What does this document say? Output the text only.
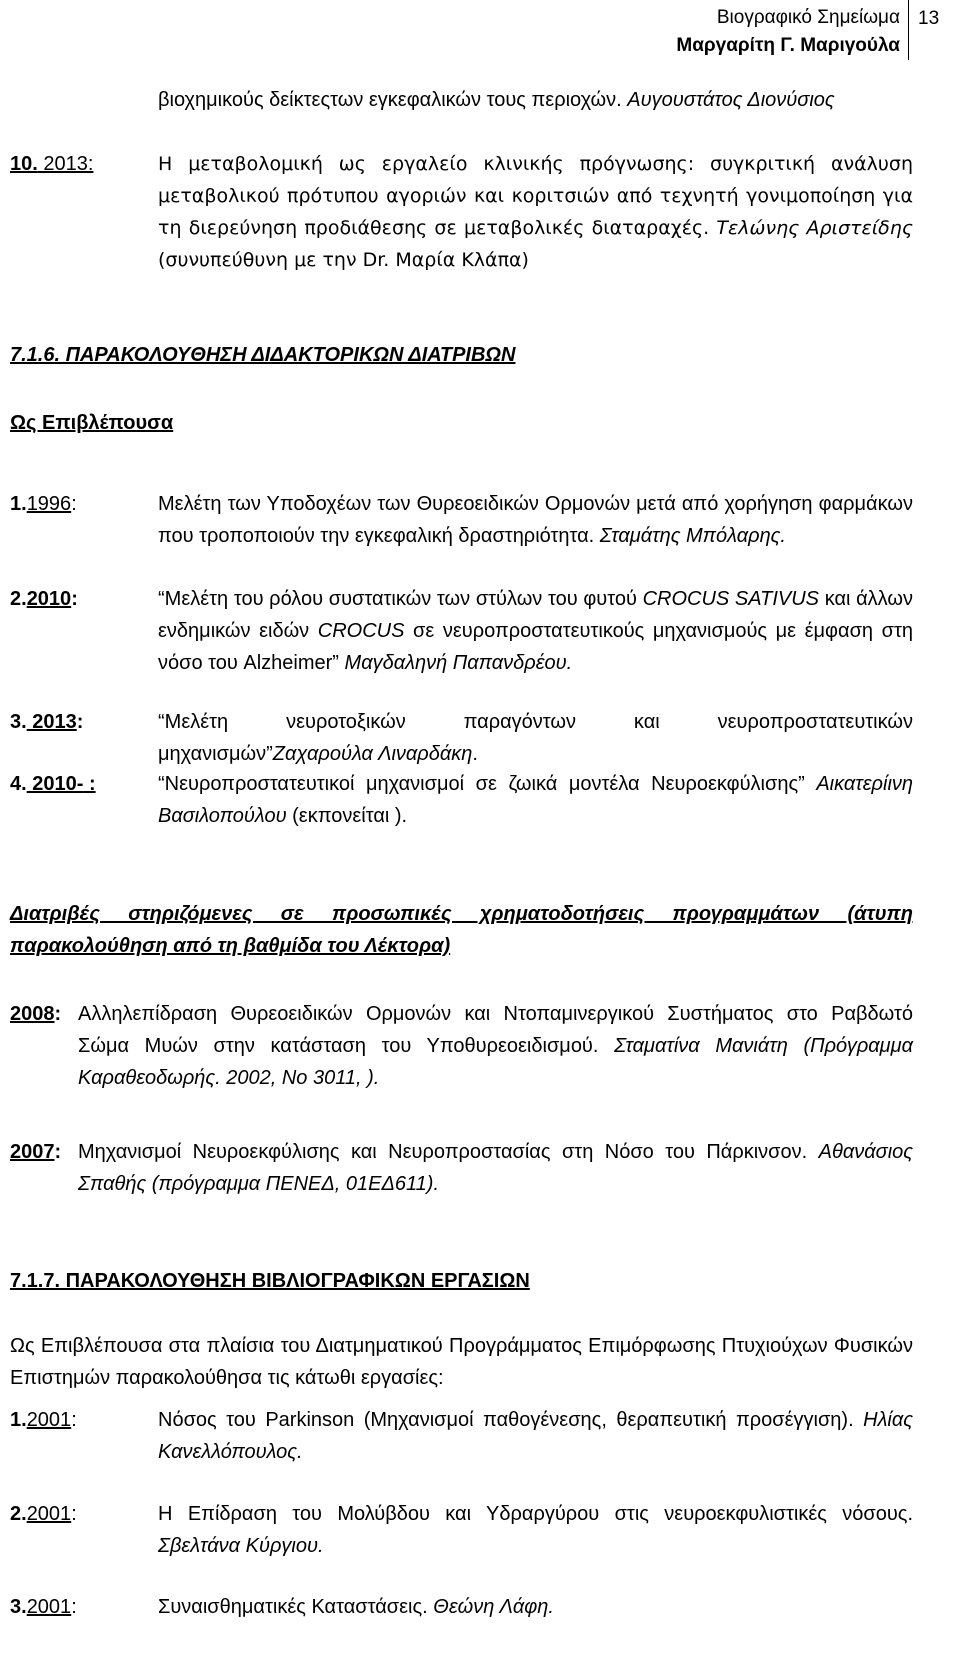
Βιογραφικό Σημείωμα
Μαργαρίτη Γ. Μαριγούλα
13
βιοχημικούς δείκτεςτων εγκεφαλικών τους περιοχών. Αυγουστάτος Διονύσιος
10. 2013:	Η μεταβολομική ως εργαλείο κλινικής πρόγνωσης: συγκριτική ανάλυση μεταβολικού πρότυπου αγοριών και κοριτσιών από τεχνητή γονιμοποίηση για τη διερεύνηση προδιάθεσης σε μεταβολικές διαταραχές. Τελώνης Αριστείδης (συνυπεύθυνη με την Dr. Μαρία Κλάπα)
7.1.6. ΠΑΡΑΚΟΛΟΥΘΗΣΗ ΔΙΔΑΚΤΟΡΙΚΩΝ ΔΙΑΤΡΙΒΩΝ
Ως Επιβλέπουσα
1.1996:	Μελέτη των Υποδοχέων των Θυρεοειδικών Ορμονών μετά από χορήγηση φαρμάκων που τροποποιούν την εγκεφαλική δραστηριότητα. Σταμάτης Μπόλαρης.
2.2010:	“Μελέτη του ρόλου συστατικών των στύλων του φυτού CROCUS SATIVUS και άλλων ενδημικών ειδών CROCUS σε νευροπροστατευτικούς μηχανισμούς με έμφαση στη νόσο του Alzheimer” Μαγδαληνή Παπανδρέου.
3. 2013:	“Μελέτη νευροτοξικών παραγόντων και νευροπροστατευτικών μηχανισμών”Ζαχαρούλα Λιναρδάκη.
4. 2010- :	“Νευροπροστατευτικοί μηχανισμοί σε ζωικά μοντέλα Νευροεκφύλισης” Αικατερίινη Βασιλοπούλου (εκπονείται ).
Διατριβές στηριζόμενες σε προσωπικές χρηματοδοτήσεις προγραμμάτων (άτυπη παρακολούθηση από τη βαθμίδα του Λέκτορα)
2008: Αλληλεπίδραση Θυρεοειδικών Ορμονών και Ντοπαμινεργικού Συστήματος στο Ραβδωτό Σώμα Μυών στην κατάσταση του Υποθυρεοειδισμού. Σταματίνα Μανιάτη (Πρόγραμμα Καραθεοδωρής. 2002, Νο 3011, ).
2007: Μηχανισμοί Νευροεκφύλισης και Νευροπροστασίας στη Νόσο του Πάρκινσον. Αθανάσιος Σπαθής (πρόγραμμα ΠΕΝΕΔ, 01ΕΔ611).
7.1.7. ΠΑΡΑΚΟΛΟΥΘΗΣΗ ΒΙΒΛΙΟΓΡΑΦΙΚΩΝ ΕΡΓΑΣΙΩΝ
Ως Επιβλέπουσα στα πλαίσια του Διατμηματικού Προγράμματος Επιμόρφωσης Πτυχιούχων Φυσικών Επιστημών παρακολούθησα τις κάτωθι εργασίες:
1.2001:	Νόσος του Parkinson (Μηχανισμοί παθογένεσης, θεραπευτική προσέγγιση). Ηλίας Κανελλόπουλος.
2.2001:	Η Επίδραση του Μολύβδου και Υδραργύρου στις νευροεκφυλιστικές νόσους. Σβελτάνα Κύργιου.
3.2001:	Συναισθηματικές Καταστάσεις. Θεώνη Λάφη.
